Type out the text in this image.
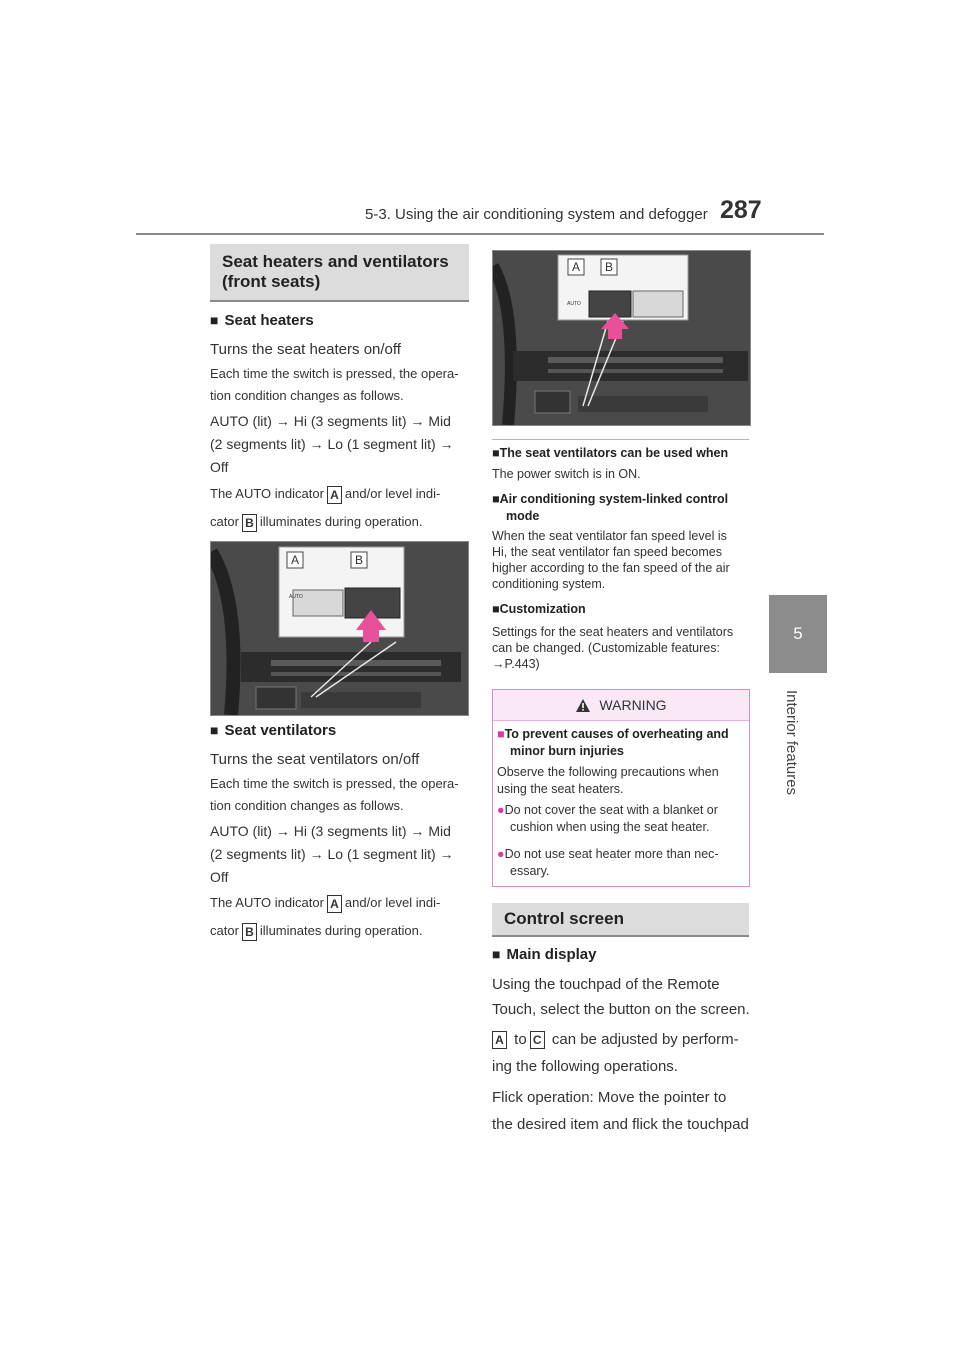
5-3. Using the air conditioning system and defogger 287
5
Interior features
Seat heaters and ventilators
(front seats)
■ Seat heaters
Turns the seat heaters on/off
Each time the switch is pressed, the opera-
tion condition changes as follows.
AUTO (lit) → Hi (3 segments lit) → Mid
(2 segments lit) → Lo (1 segment lit) →
Off
The AUTO indicator A and/or level indi-
cator B illuminates during operation.
A	B
AUTO
■ Seat ventilators
Turns the seat ventilators on/off
Each time the switch is pressed, the opera-
tion condition changes as follows.
AUTO (lit) → Hi (3 segments lit) → Mid
(2 segments lit) → Lo (1 segment lit) →
Off
The AUTO indicator A and/or level indi-
cator B illuminates during operation.
A B
AUTO
■The seat ventilators can be used when
The power switch is in ON.
■Air conditioning system-linked control
mode
When the seat ventilator fan speed level is
Hi, the seat ventilator fan speed becomes
higher according to the fan speed of the air
conditioning system.
■Customization
Settings for the seat heaters and ventilators
can be changed. (Customizable features:
→P.443)
WARNING
■To prevent causes of overheating and
minor burn injuries
Observe the following precautions when
using the seat heaters.
●Do not cover the seat with a blanket or
cushion when using the seat heater.
●Do not use seat heater more than nec-
essary.
Control screen
■ Main display
Using the touchpad of the Remote
Touch, select the button on the screen.
A to C can be adjusted by perform-
ing the following operations.
Flick operation: Move the pointer to
the desired item and flick the touchpad
